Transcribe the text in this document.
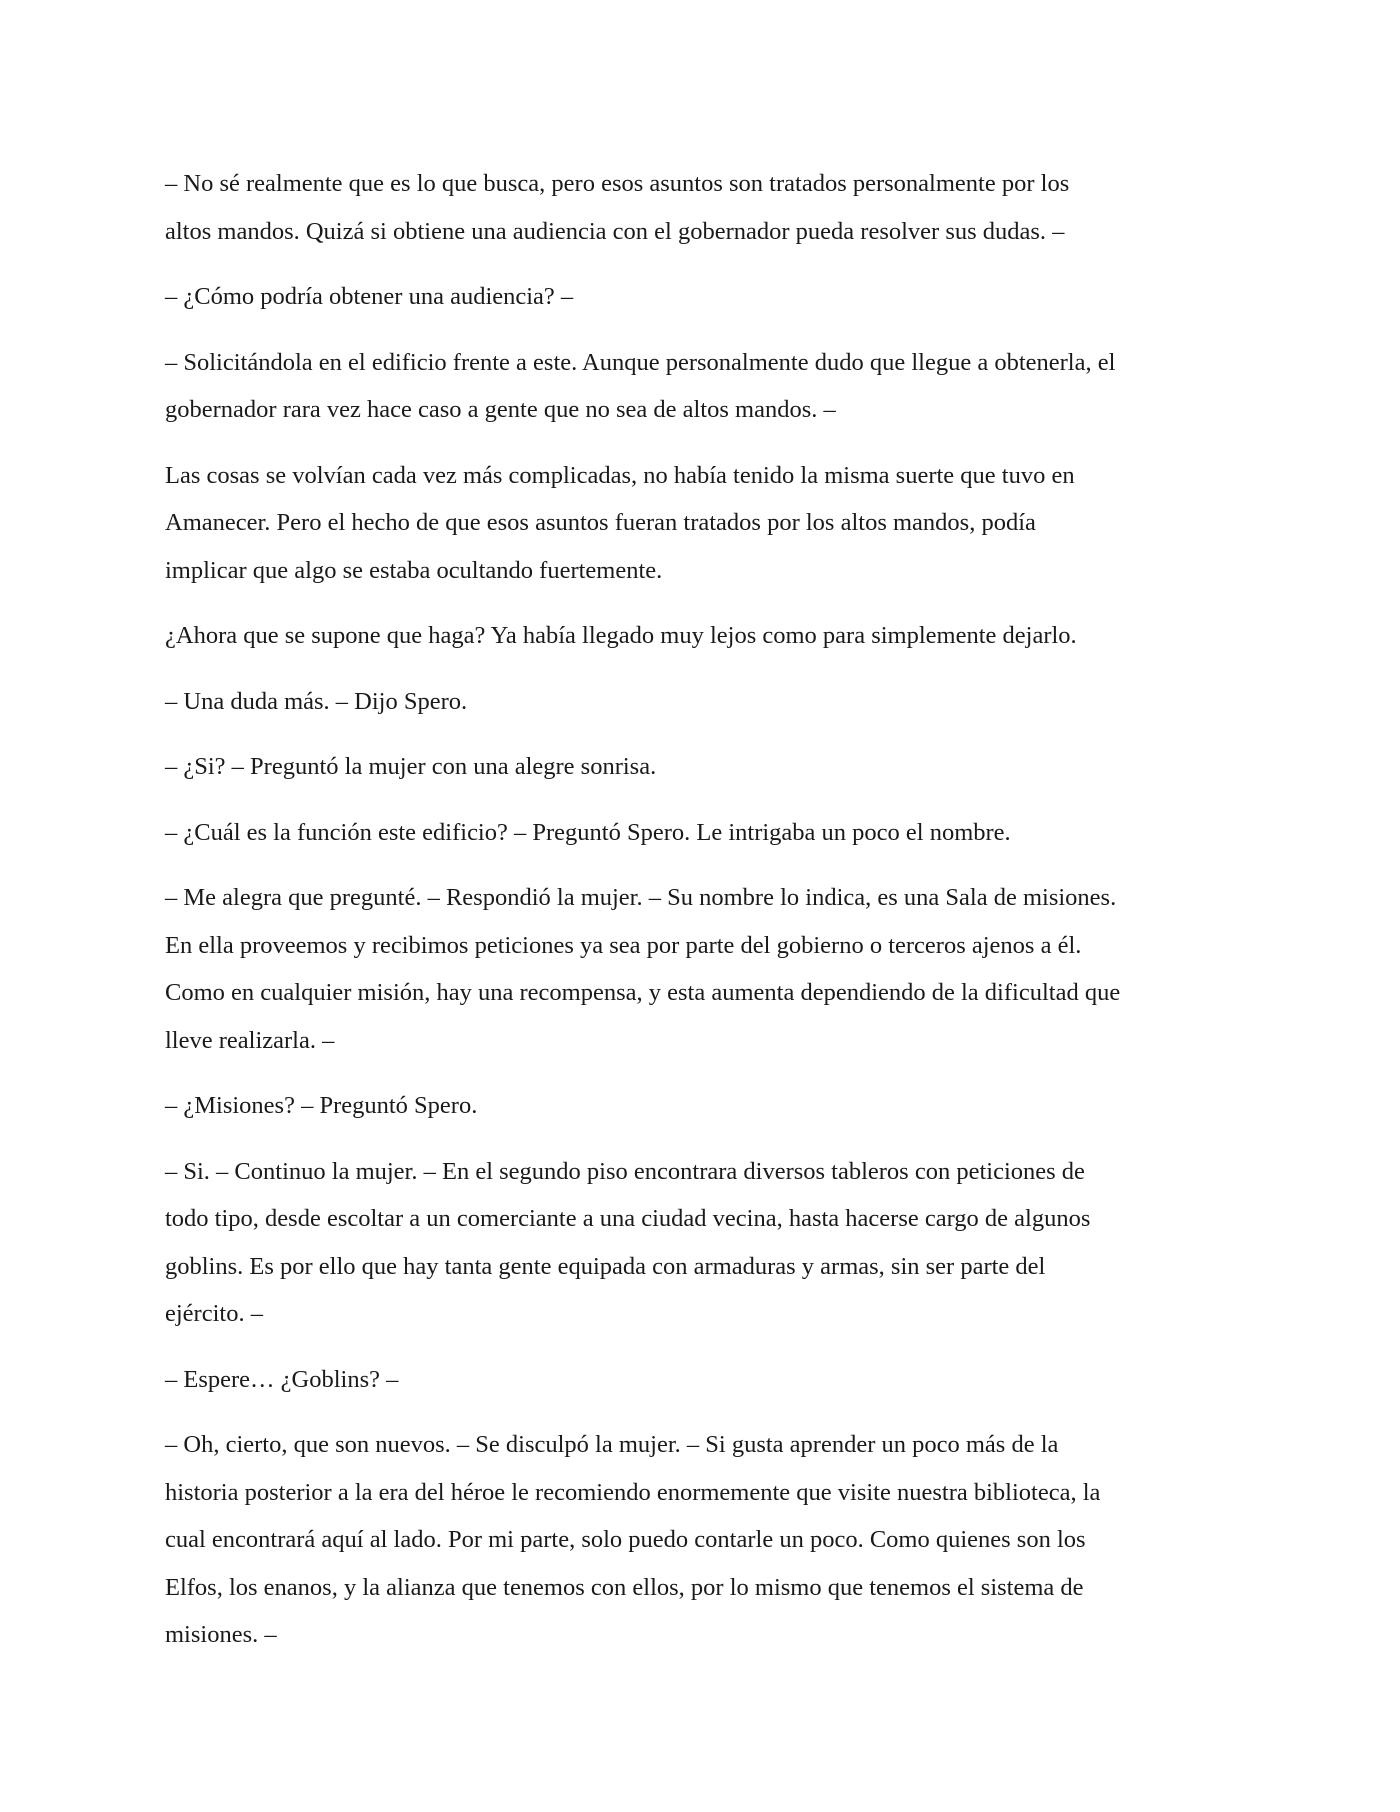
– No sé realmente que es lo que busca, pero esos asuntos son tratados personalmente por los
altos mandos. Quizá si obtiene una audiencia con el gobernador pueda resolver sus dudas. –

– ¿Cómo podría obtener una audiencia? –

– Solicitándola en el edificio frente a este. Aunque personalmente dudo que llegue a obtenerla, el
gobernador rara vez hace caso a gente que no sea de altos mandos. –

Las cosas se volvían cada vez más complicadas, no había tenido la misma suerte que tuvo en
Amanecer. Pero el hecho de que esos asuntos fueran tratados por los altos mandos, podía
implicar que algo se estaba ocultando fuertemente.

¿Ahora que se supone que haga? Ya había llegado muy lejos como para simplemente dejarlo.

– Una duda más. – Dijo Spero.

– ¿Si? – Preguntó la mujer con una alegre sonrisa.

– ¿Cuál es la función este edificio? – Preguntó Spero. Le intrigaba un poco el nombre.

– Me alegra que pregunté. – Respondió la mujer. – Su nombre lo indica, es una Sala de misiones.
En ella proveemos y recibimos peticiones ya sea por parte del gobierno o terceros ajenos a él.
Como en cualquier misión, hay una recompensa, y esta aumenta dependiendo de la dificultad que
lleve realizarla. –

– ¿Misiones? – Preguntó Spero.

– Si. – Continuo la mujer. – En el segundo piso encontrara diversos tableros con peticiones de
todo tipo, desde escoltar a un comerciante a una ciudad vecina, hasta hacerse cargo de algunos
goblins. Es por ello que hay tanta gente equipada con armaduras y armas, sin ser parte del
ejército. –

– Espere… ¿Goblins? –

– Oh, cierto, que son nuevos. – Se disculpó la mujer. – Si gusta aprender un poco más de la
historia posterior a la era del héroe le recomiendo enormemente que visite nuestra biblioteca, la
cual encontrará aquí al lado. Por mi parte, solo puedo contarle un poco. Como quienes son los
Elfos, los enanos, y la alianza que tenemos con ellos, por lo mismo que tenemos el sistema de
misiones. –
